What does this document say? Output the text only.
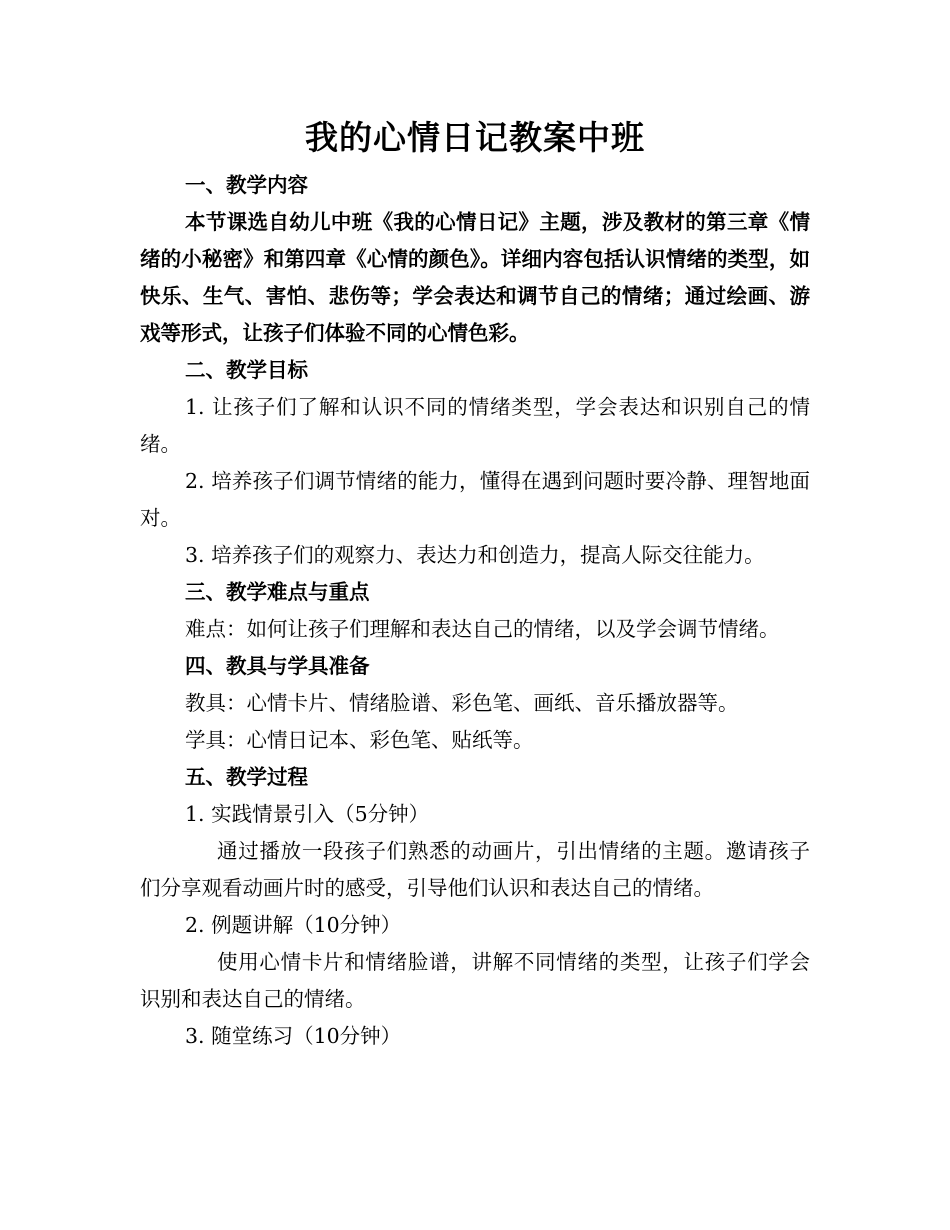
我的心情日记教案中班

一、教学内容

本节课选自幼儿中班《我的心情日记》主题，涉及教材的第三章《情绪的小秘密》和第四章《心情的颜色》。详细内容包括认识情绪的类型，如快乐、生气、害怕、悲伤等；学会表达和调节自己的情绪；通过绘画、游戏等形式，让孩子们体验不同的心情色彩。

二、教学目标

1. 让孩子们了解和认识不同的情绪类型，学会表达和识别自己的情绪。

2. 培养孩子们调节情绪的能力，懂得在遇到问题时要冷静、理智地面对。

3. 培养孩子们的观察力、表达力和创造力，提高人际交往能力。

三、教学难点与重点

难点：如何让孩子们理解和表达自己的情绪，以及学会调节情绪。

四、教具与学具准备

教具：心情卡片、情绪脸谱、彩色笔、画纸、音乐播放器等。

学具：心情日记本、彩色笔、贴纸等。

五、教学过程

1. 实践情景引入（5分钟）

通过播放一段孩子们熟悉的动画片，引出情绪的主题。邀请孩子们分享观看动画片时的感受，引导他们认识和表达自己的情绪。

2. 例题讲解（10分钟）

使用心情卡片和情绪脸谱，讲解不同情绪的类型，让孩子们学会识别和表达自己的情绪。

3. 随堂练习（10分钟）
